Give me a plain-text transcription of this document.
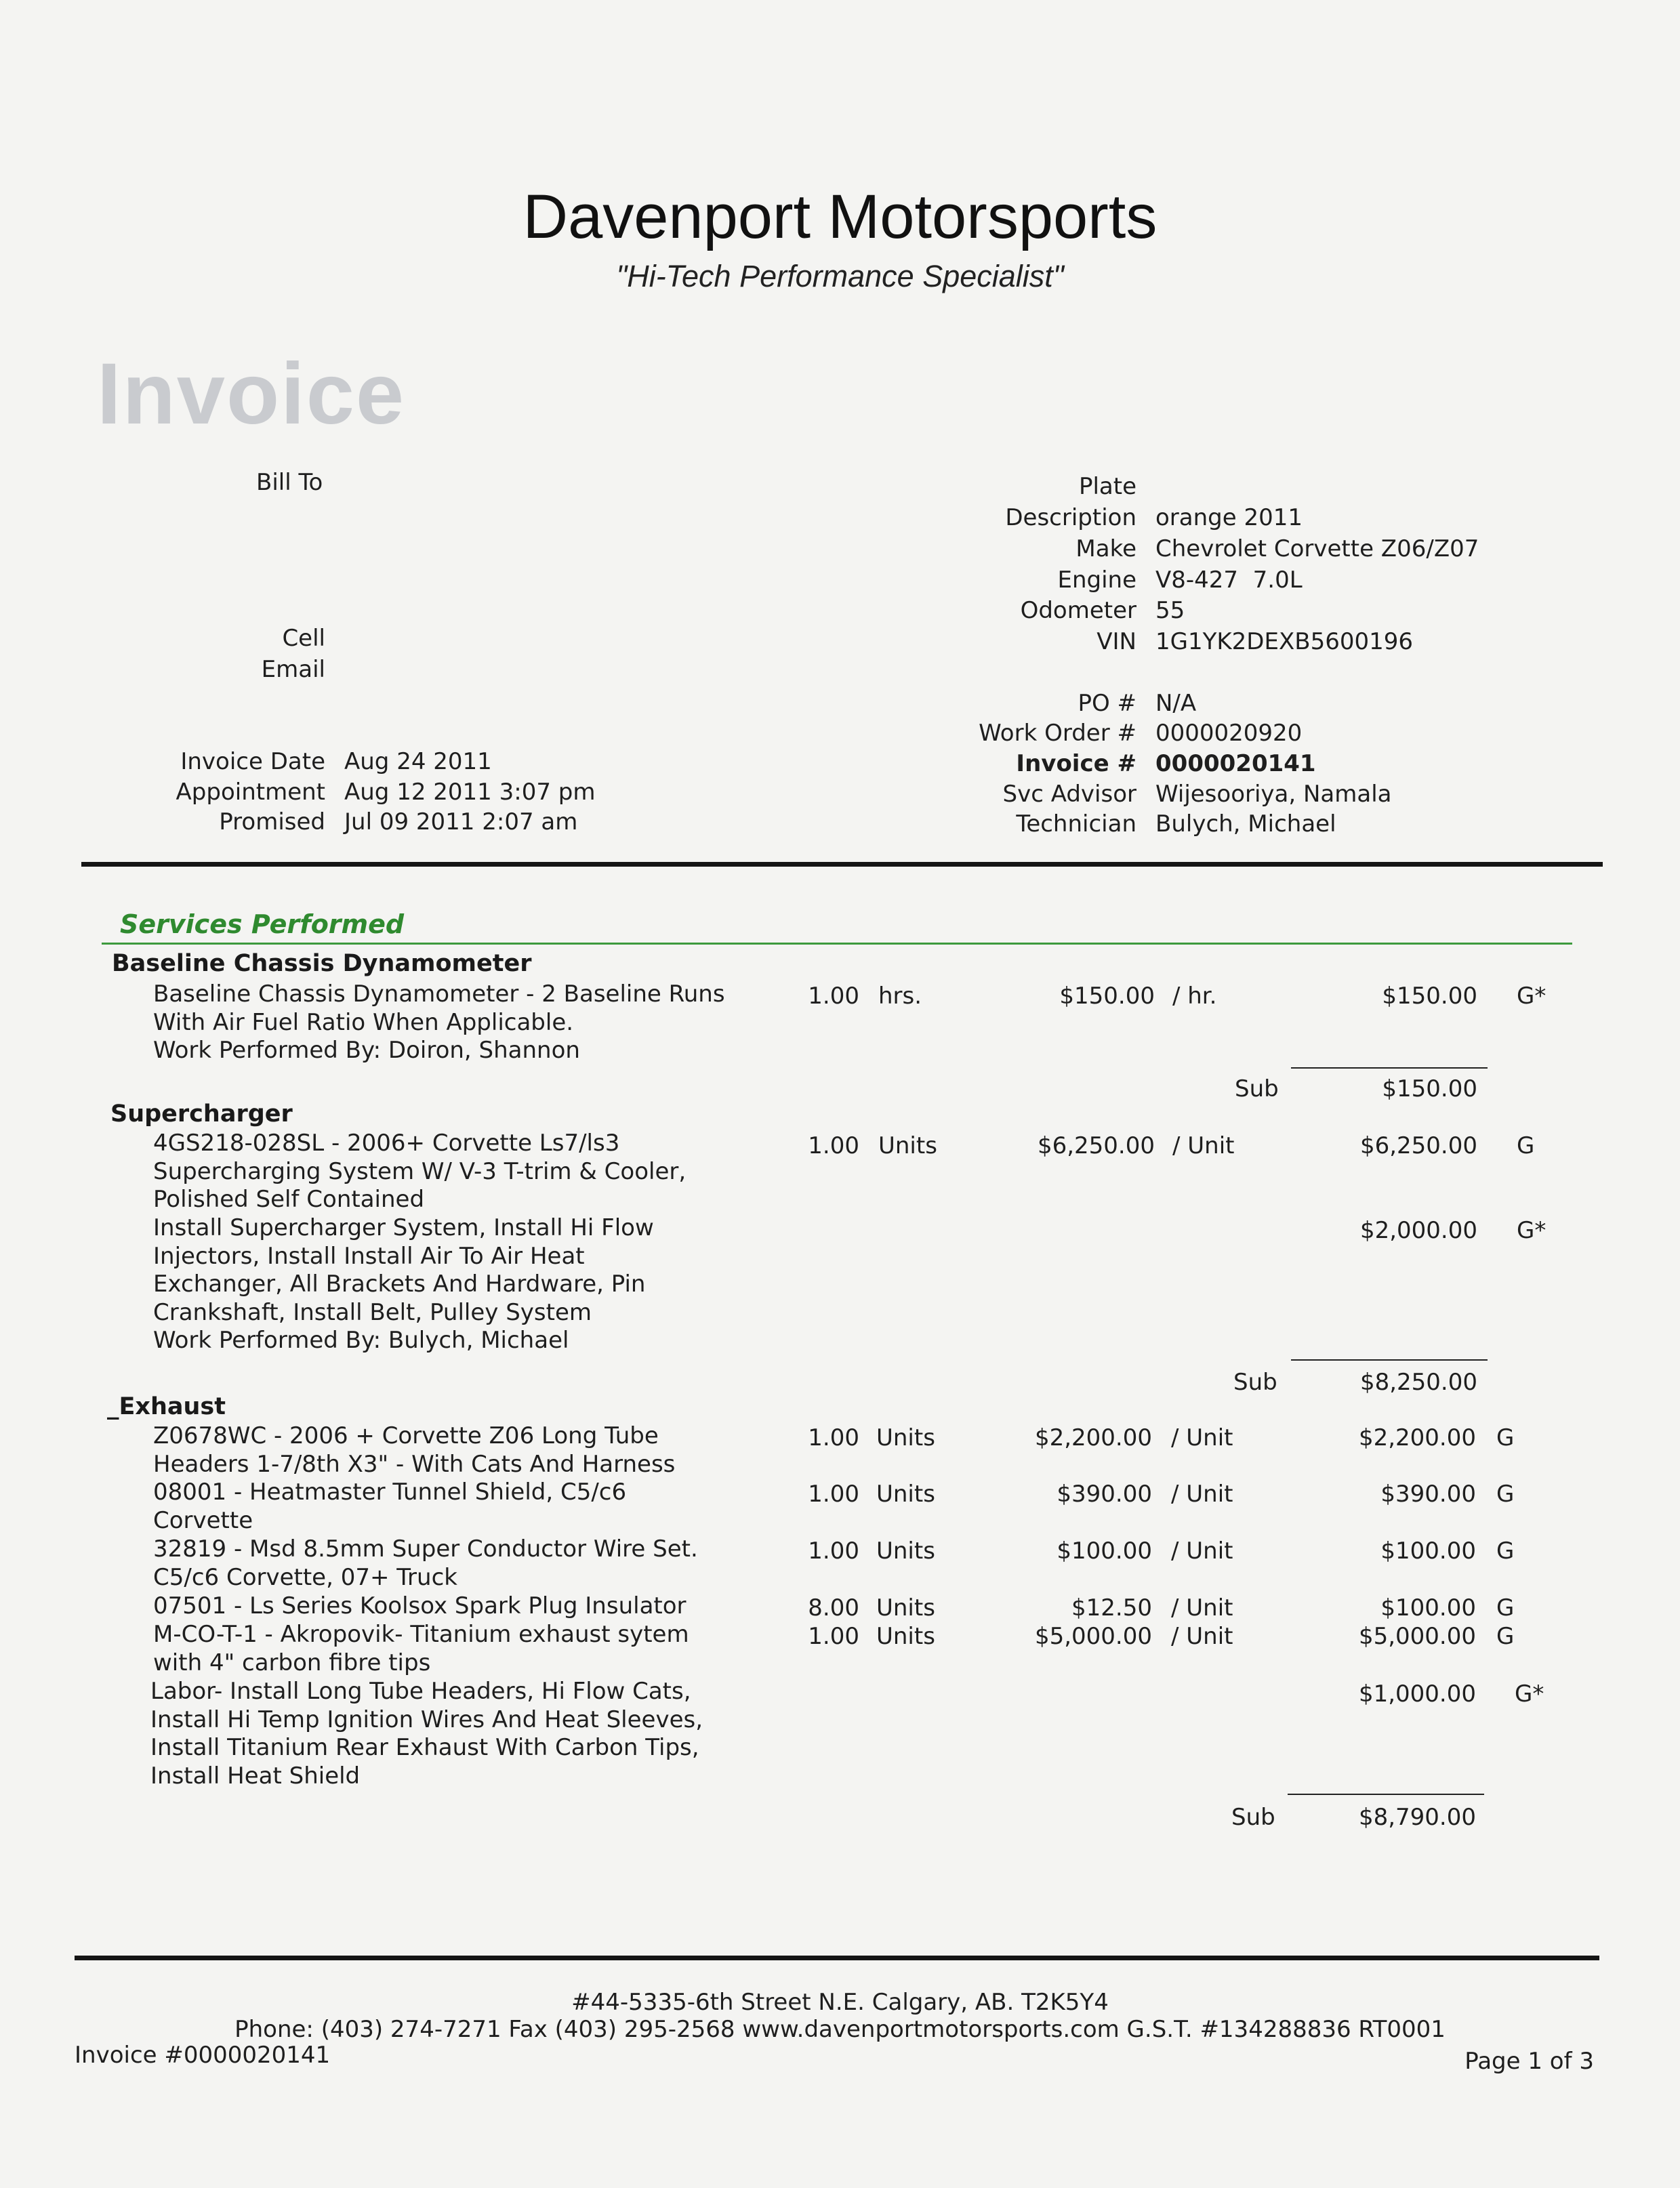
Davenport Motorsports
"Hi-Tech Performance Specialist"
Invoice
Bill To
Cell
Email
Invoice Date Aug 24 2011
Appointment Aug 12 2011 3:07 pm
Promised Jul 09 2011 2:07 am
Plate
Description orange 2011
Make Chevrolet Corvette Z06/Z07
Engine V8-427  7.0L
Odometer 55
VIN 1G1YK2DEXB5600196
PO # N/A
Work Order # 0000020920
Invoice # 0000020141
Svc Advisor Wijesooriya, Namala
Technician Bulych, Michael
Services Performed
Baseline Chassis Dynamometer
Baseline Chassis Dynamometer - 2 Baseline Runs
With Air Fuel Ratio When Applicable.
Work Performed By: Doiron, Shannon
1.00 hrs.	$150.00 / hr.	$150.00 G*
Sub	$150.00
Supercharger
4GS218-028SL - 2006+ Corvette Ls7/ls3
Supercharging System W/ V-3 T-trim & Cooler,
Polished Self Contained
1.00 Units	$6,250.00 / Unit	$6,250.00 G
Install Supercharger System, Install Hi Flow
Injectors, Install Install Air To Air Heat
Exchanger, All Brackets And Hardware, Pin
Crankshaft, Install Belt, Pulley System
Work Performed By: Bulych, Michael
$2,000.00 G*
Sub	$8,250.00
_Exhaust
Z0678WC - 2006 + Corvette Z06 Long Tube
Headers 1-7/8th X3" - With Cats And Harness
1.00 Units	$2,200.00 / Unit	$2,200.00 G
08001 - Heatmaster Tunnel Shield, C5/c6
Corvette
1.00 Units	$390.00 / Unit	$390.00 G
32819 - Msd 8.5mm Super Conductor Wire Set.
C5/c6 Corvette, 07+ Truck
1.00 Units	$100.00 / Unit	$100.00 G
07501 - Ls Series Koolsox Spark Plug Insulator	8.00 Units	$12.50 / Unit	$100.00 G
M-CO-T-1 - Akropovik- Titanium exhaust sytem
with 4" carbon fibre tips
1.00 Units	$5,000.00 / Unit	$5,000.00 G
Labor- Install Long Tube Headers, Hi Flow Cats,
Install Hi Temp Ignition Wires And Heat Sleeves,
Install Titanium Rear Exhaust With Carbon Tips,
Install Heat Shield
$1,000.00 G*
Sub	$8,790.00
#44-5335-6th Street N.E. Calgary, AB. T2K5Y4
Phone: (403) 274-7271 Fax (403) 295-2568 www.davenportmotorsports.com G.S.T. #134288836 RT0001
Invoice #0000020141	Page 1 of 3
